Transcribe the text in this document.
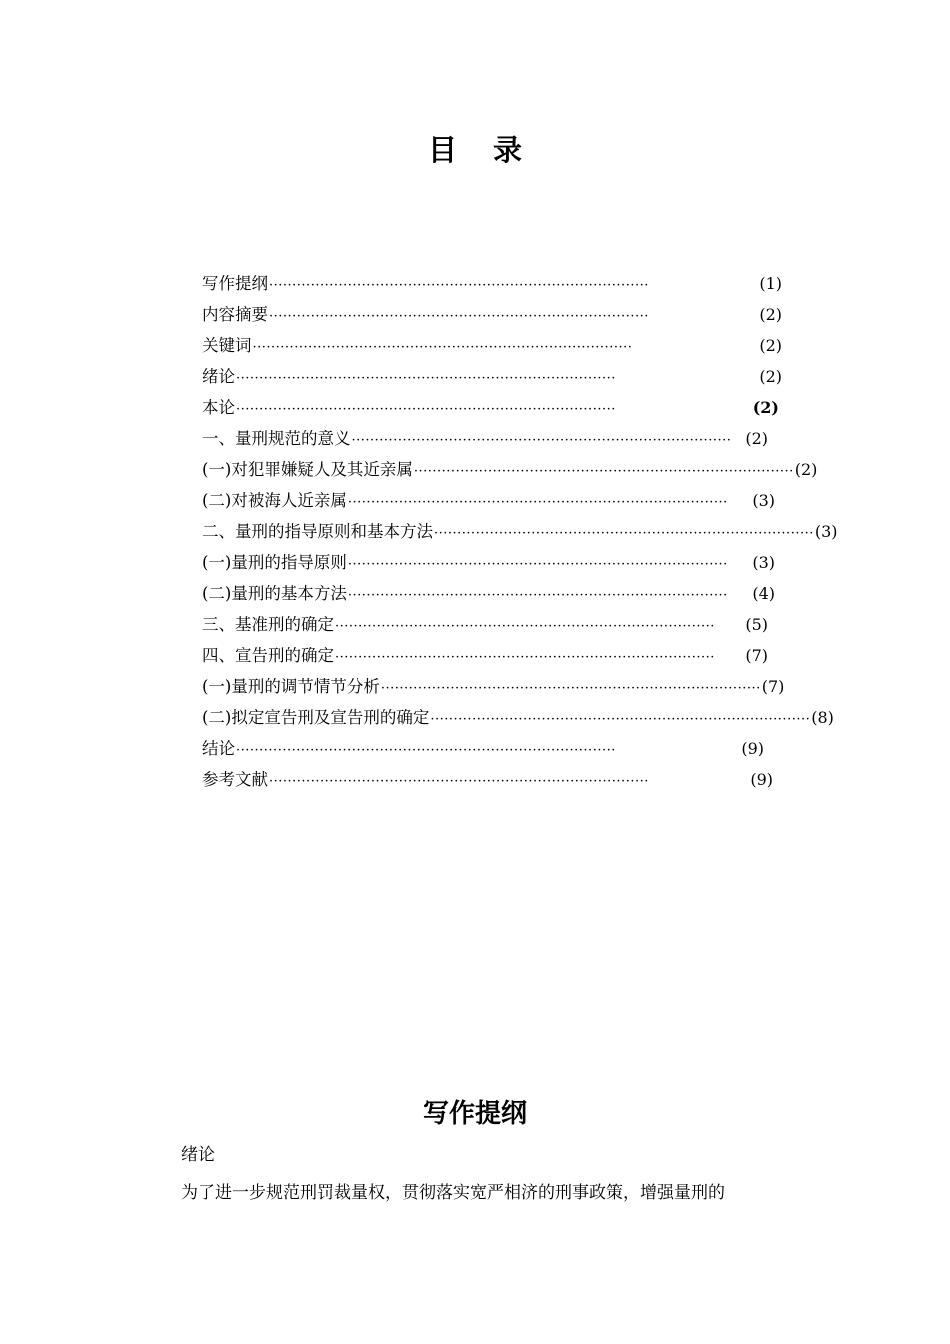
目录
写作提纲 ··················································································	(1)
内容摘要 ··················································································	(2)
关键词 ··················································································	(2)
绪论 ··················································································	(2)
本论 ··················································································	(2)
一、量刑规范的意义 ·················································································· (2)
(一)对犯罪嫌疑人及其近亲属 ·················································································· (2)
(二)对被海人近亲属 ··················································································	(3)
二、量刑的指导原则和基本方法 ·················································································· (3)
(一)量刑的指导原则 ··················································································	(3)
(二)量刑的基本方法 ··················································································	(4)
三、基准刑的确定 ··················································································	(5)
四、宣告刑的确定 ··················································································	(7)
(一)量刑的调节情节分析 ·················································································· (7)
(二)拟定宣告刑及宣告刑的确定 ·················································································· (8)
结论 ··················································································	(9)
参考文献 ··················································································	(9)
写作提纲
绪论
为了进一步规范刑罚裁量权，贯彻落实宽严相济的刑事政策，增强量刑的
